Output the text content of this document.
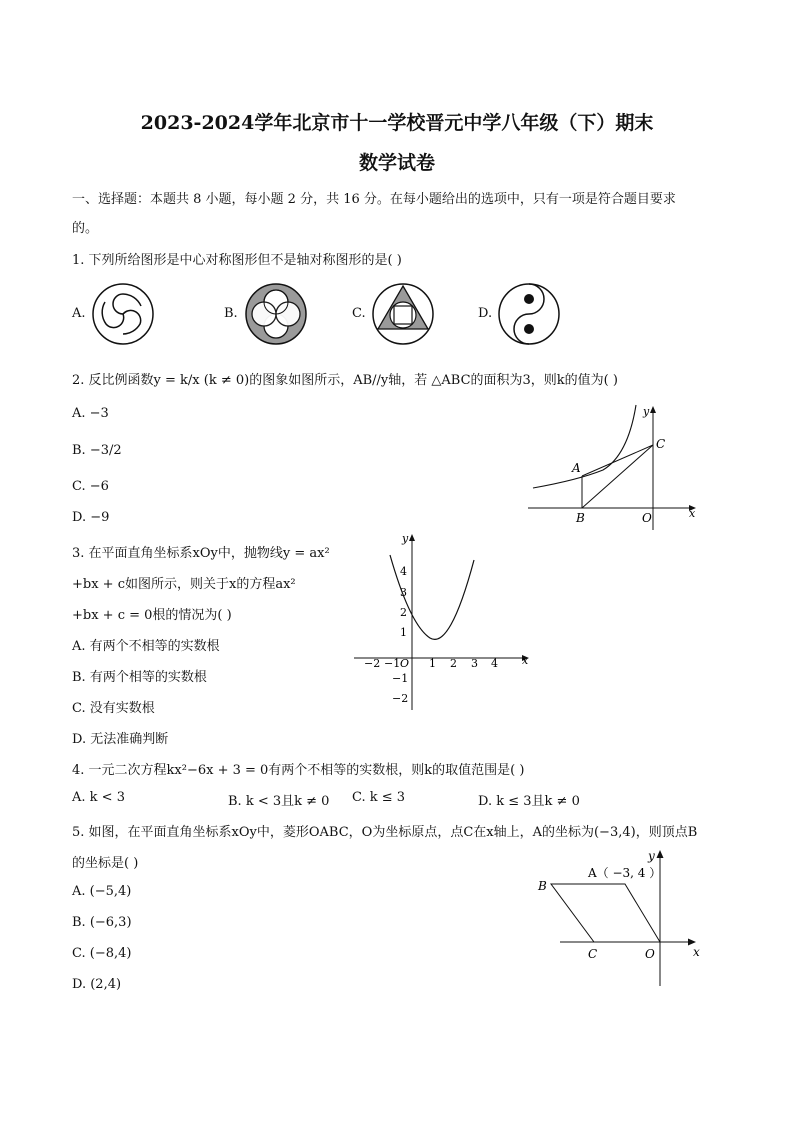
2023-2024学年北京市十一学校晋元中学八年级（下）期末
数学试卷
一、选择题：本题共 8 小题，每小题 2 分，共 16 分。在每小题给出的选项中，只有一项是符合题目要求
的。
1. 下列所给图形是中心对称图形但不是轴对称图形的是( )
A.	B.	C.	D.
2. 反比例函数y = k/x (k ≠ 0)的图象如图所示，AB//y轴，若 △ABC的面积为3，则k的值为( )
A. −3
B. −3/2
C. −6
D. −9
y
x
A
B
C
O
3. 在平面直角坐标系xOy中，抛物线y = ax²
+bx + c如图所示，则关于x的方程ax²
+bx + c = 0根的情况为( )
A. 有两个不相等的实数根
B. 有两个相等的实数根
C. 没有实数根
D. 无法准确判断
−2 −1 O 1 2 3 4
4
3
2
1
−1
−2
x
y
4. 一元二次方程kx²−6x + 3 = 0有两个不相等的实数根，则k的取值范围是( )
A. k < 3	B. k < 3且k ≠ 0 C. k ≤ 3	D. k ≤ 3且k ≠ 0
5. 如图，在平面直角坐标系xOy中，菱形OABC，O为坐标原点，点C在x轴上，A的坐标为(−3,4)，则顶点B
的坐标是( )
A. (−5,4)
B. (−6,3)
C. (−8,4)
D. (2,4)
A（ −3, 4 ）
B
C	O	x
y
